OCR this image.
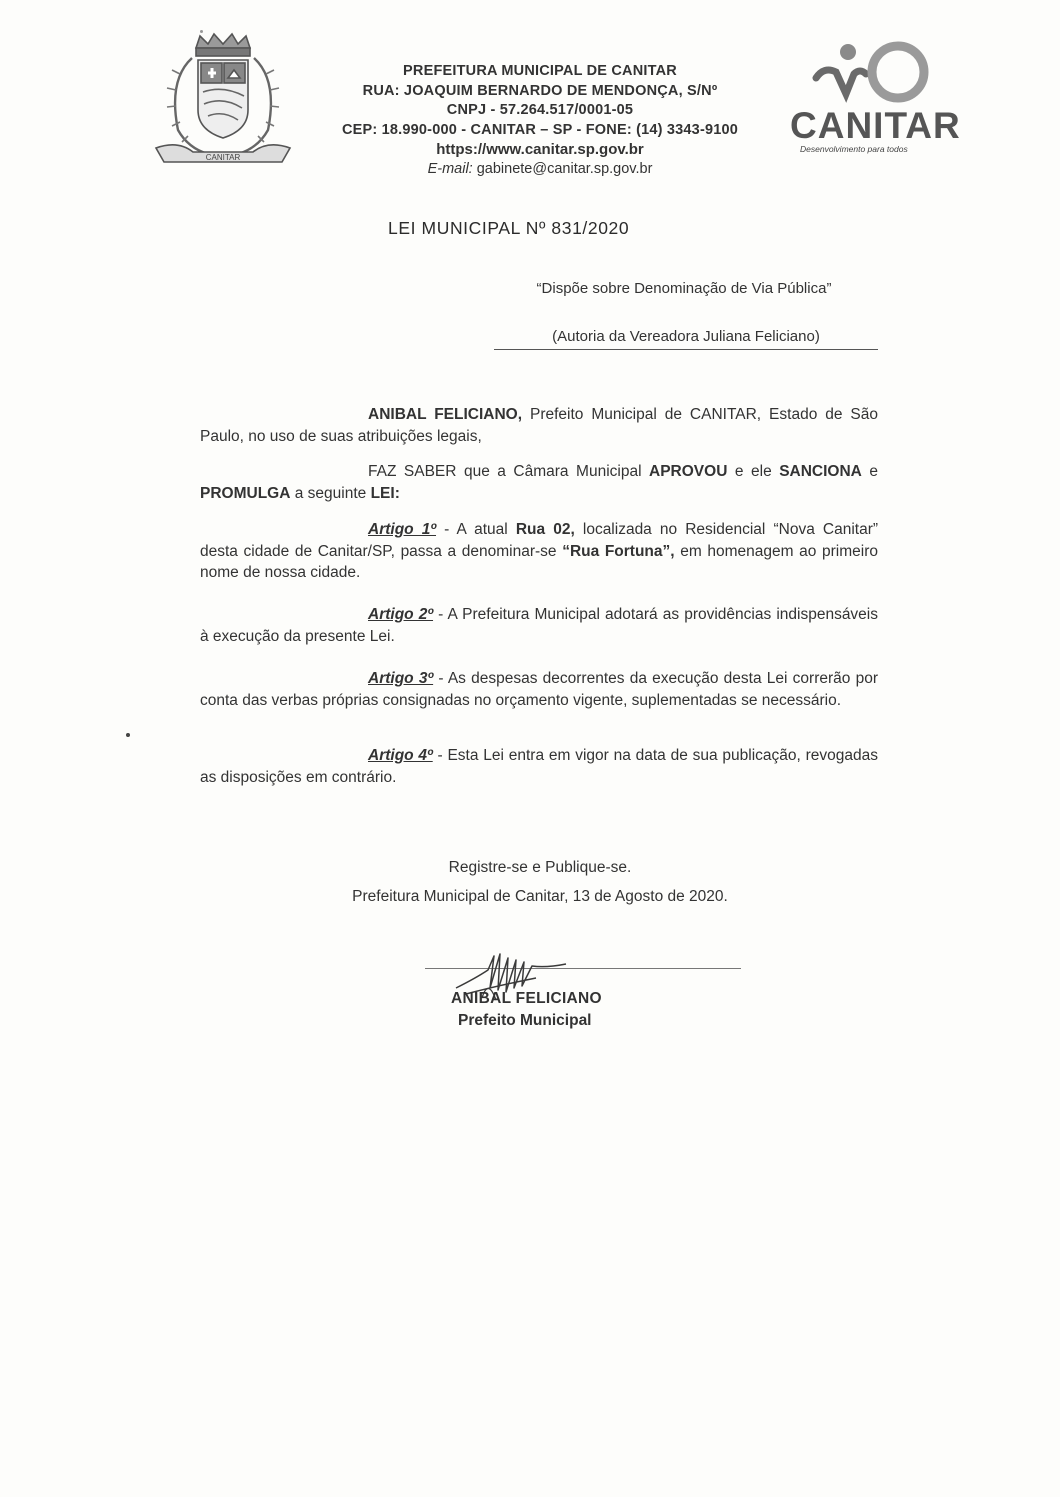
CANITAR
PREFEITURA MUNICIPAL DE CANITAR
RUA: JOAQUIM BERNARDO DE MENDONÇA, S/Nº
CNPJ - 57.264.517/0001-05
CEP: 18.990-000 - CANITAR – SP - FONE: (14) 3343-9100
https://www.canitar.sp.gov.br
E-mail: gabinete@canitar.sp.gov.br
CANITAR
Desenvolvimento para todos
LEI MUNICIPAL Nº 831/2020
“Dispõe sobre Denominação de Via Pública”
(Autoria da Vereadora Juliana Feliciano)
ANIBAL FELICIANO, Prefeito Municipal de CANITAR, Estado de São Paulo, no uso de suas atribuições legais,
FAZ SABER que a Câmara Municipal APROVOU e ele SANCIONA e PROMULGA a seguinte LEI:
Artigo 1º - A atual Rua 02, localizada no Residencial “Nova Canitar” desta cidade de Canitar/SP, passa a denominar-se “Rua Fortuna”, em homenagem ao primeiro nome de nossa cidade.
Artigo 2º - A Prefeitura Municipal adotará as providências indispensáveis à execução da presente Lei.
Artigo 3º - As despesas decorrentes da execução desta Lei correrão por conta das verbas próprias consignadas no orçamento vigente, suplementadas se necessário.
Artigo 4º - Esta Lei entra em vigor na data de sua publicação, revogadas as disposições em contrário.
Registre-se e Publique-se.
Prefeitura Municipal de Canitar, 13 de Agosto de 2020.
ANIBAL FELICIANO
Prefeito Municipal
